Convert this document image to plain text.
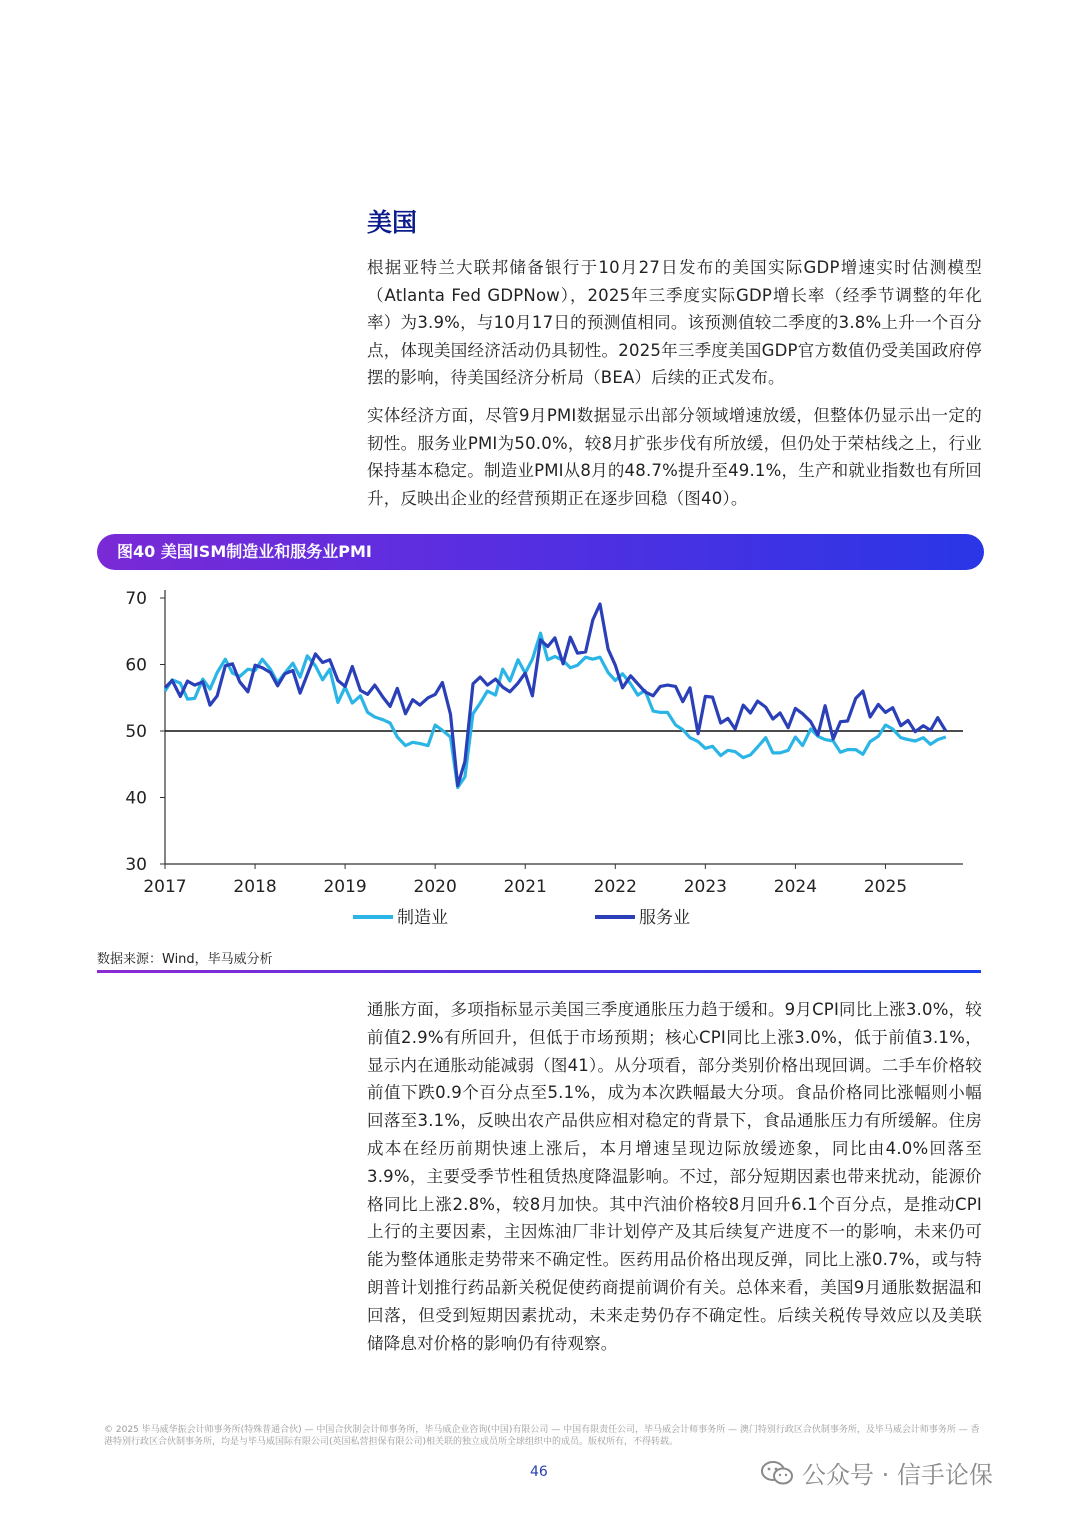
美国
根据亚特兰大联邦储备银行于10月27日发布的美国实际GDP增速实时估测模型（Atlanta Fed GDPNow），2025年三季度实际GDP增长率（经季节调整的年化率）为3.9%，与10月17日的预测值相同。该预测值较二季度的3.8%上升一个百分点，体现美国经济活动仍具韧性。2025年三季度美国GDP官方数值仍受美国政府停摆的影响，待美国经济分析局（BEA）后续的正式发布。
实体经济方面，尽管9月PMI数据显示出部分领域增速放缓，但整体仍显示出一定的韧性。服务业PMI为50.0%，较8月扩张步伐有所放缓，但仍处于荣枯线之上，行业保持基本稳定。制造业PMI从8月的48.7%提升至49.1%，生产和就业指数也有所回升，反映出企业的经营预期正在逐步回稳（图40）。
图40 美国ISM制造业和服务业PMI
30
40
50
60
70
2017	2018	2019	2020	2021	2022	2023	2024	2025
制造业	服务业
数据来源：Wind，毕马威分析
通胀方面，多项指标显示美国三季度通胀压力趋于缓和。9月CPI同比上涨3.0%，较前值2.9%有所回升，但低于市场预期；核心CPI同比上涨3.0%，低于前值3.1%，显示内在通胀动能减弱（图41）。从分项看，部分类别价格出现回调。二手车价格较前值下跌0.9个百分点至5.1%，成为本次跌幅最大分项。食品价格同比涨幅则小幅回落至3.1%，反映出农产品供应相对稳定的背景下，食品通胀压力有所缓解。住房成本在经历前期快速上涨后，本月增速呈现边际放缓迹象，同比由4.0%回落至3.9%，主要受季节性租赁热度降温影响。不过，部分短期因素也带来扰动，能源价格同比上涨2.8%，较8月加快。其中汽油价格较8月回升6.1个百分点，是推动CPI上行的主要因素，主因炼油厂非计划停产及其后续复产进度不一的影响，未来仍可能为整体通胀走势带来不确定性。医药用品价格出现反弹，同比上涨0.7%，或与特朗普计划推行药品新关税促使药商提前调价有关。总体来看，美国9月通胀数据温和回落，但受到短期因素扰动，未来走势仍存不确定性。后续关税传导效应以及美联储降息对价格的影响仍有待观察。
© 2025 毕马威华振会计师事务所(特殊普通合伙) — 中国合伙制会计师事务所，毕马威企业咨询(中国)有限公司 — 中国有限责任公司，毕马威会计师事务所 — 澳门特别行政区合伙制事务所，及毕马威会计师事务所 — 香港特别行政区合伙制事务所，均是与毕马威国际有限公司(英国私营担保有限公司)相关联的独立成员所全球组织中的成员。版权所有，不得转载。
46	公众号 · 信手论保
